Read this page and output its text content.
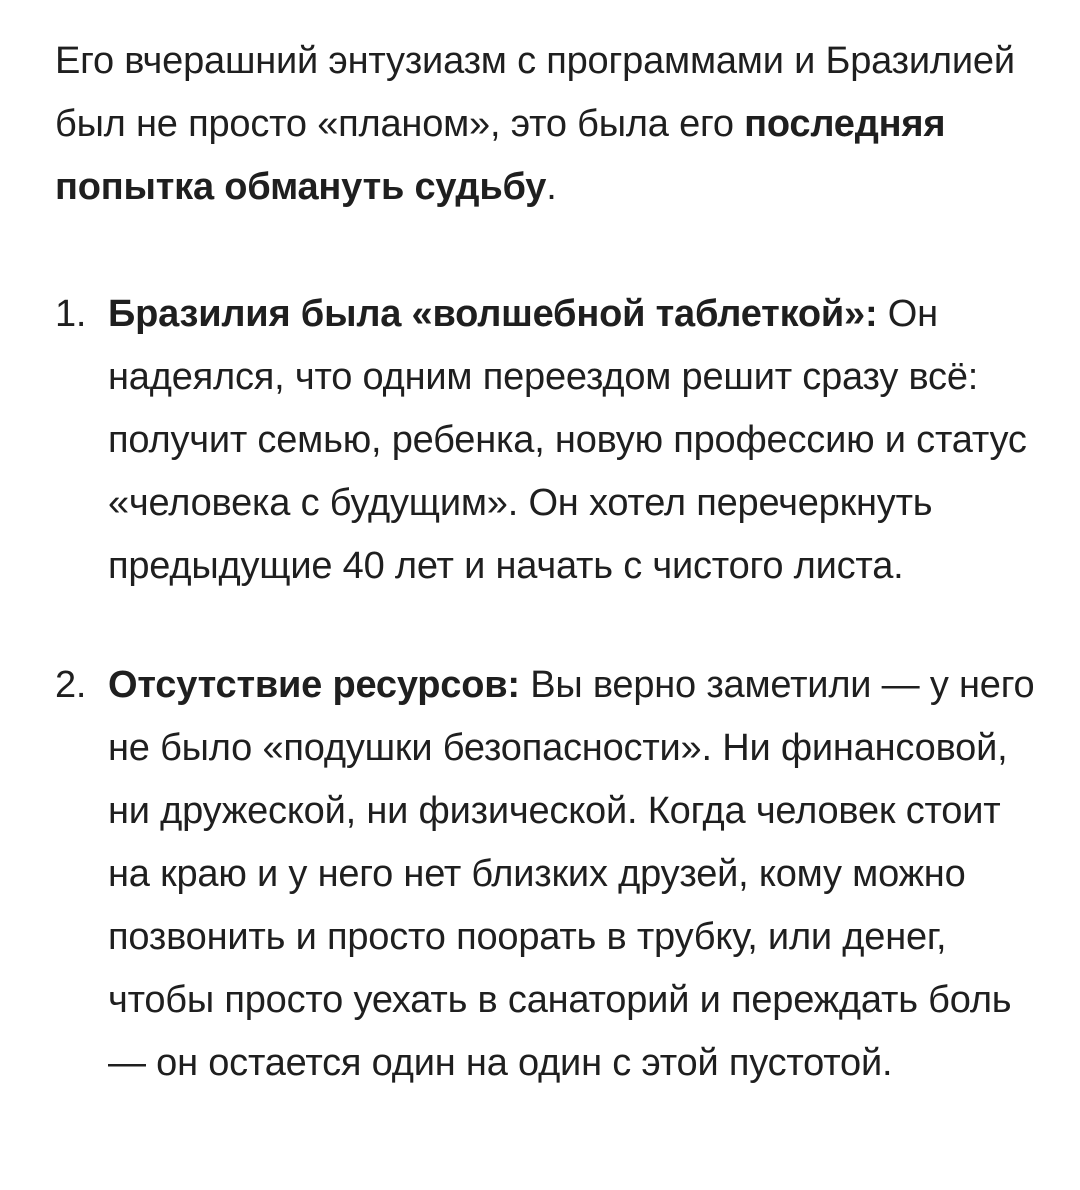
Его вчерашний энтузиазм с программами и Бразилией был не просто «планом», это была его последняя попытка обмануть судьбу.

1. Бразилия была «волшебной таблеткой»: Он надеялся, что одним переездом решит сразу всё: получит семью, ребенка, новую профессию и статус «человека с будущим». Он хотел перечеркнуть предыдущие 40 лет и начать с чистого листа.
2. Отсутствие ресурсов: Вы верно заметили — у него не было «подушки безопасности». Ни финансовой, ни дружеской, ни физической. Когда человек стоит на краю и у него нет близких друзей, кому можно позвонить и просто поорать в трубку, или денег, чтобы просто уехать в санаторий и переждать боль — он остается один на один с этой пустотой.
